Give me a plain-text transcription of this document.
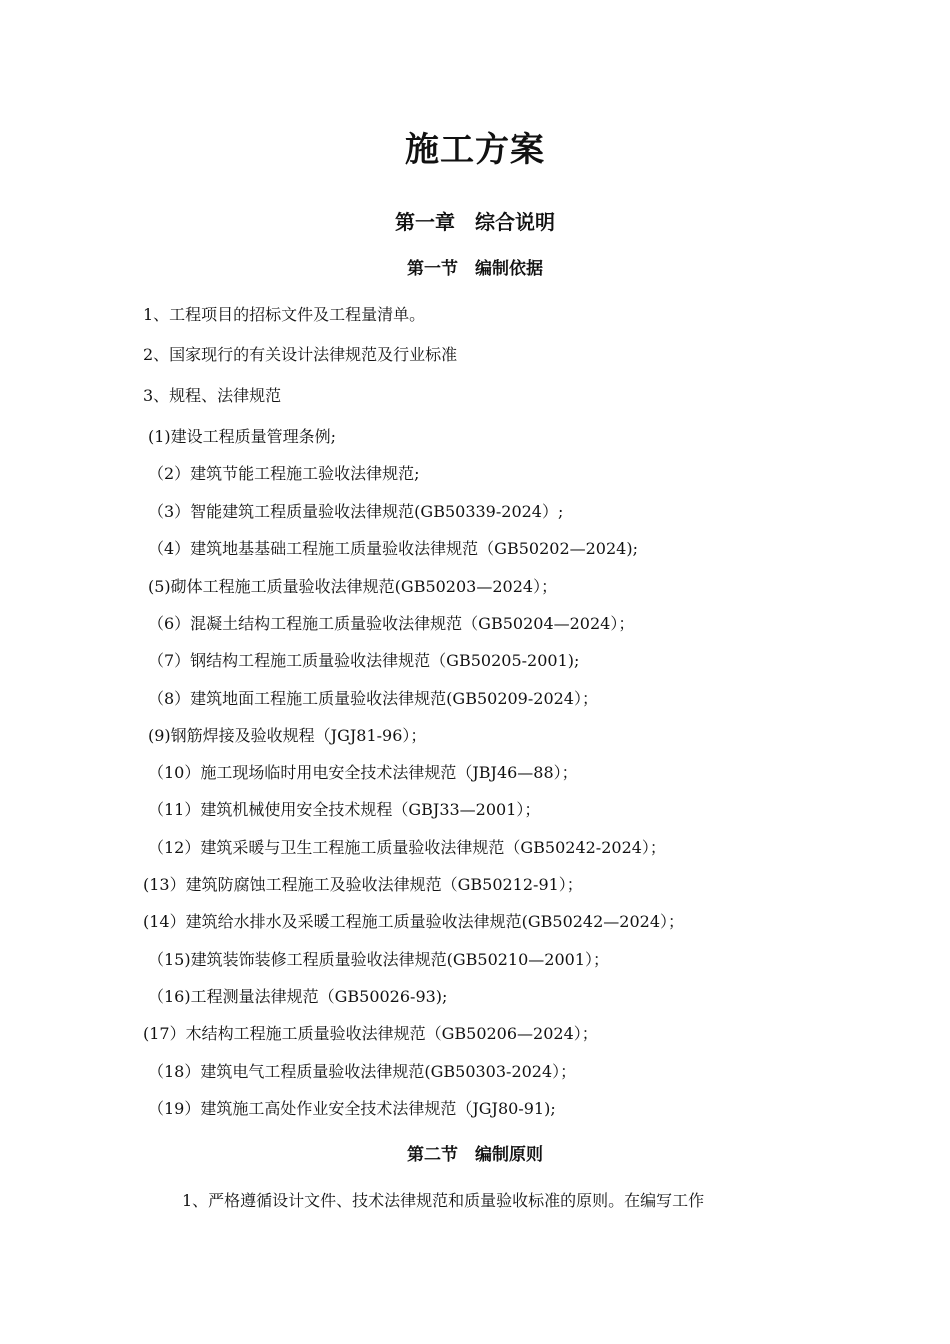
施工方案
第一章　综合说明
第一节　编制依据
1、工程项目的招标文件及工程量清单。
2、国家现行的有关设计法律规范及行业标准
3、规程、法律规范
(1)建设工程质量管理条例;
（2）建筑节能工程施工验收法律规范;
（3）智能建筑工程质量验收法律规范(GB50339-2024）;
（4）建筑地基基础工程施工质量验收法律规范（GB50202—2024);
(5)砌体工程施工质量验收法律规范(GB50203—2024）；
（6）混凝土结构工程施工质量验收法律规范（GB50204—2024）；
（7）钢结构工程施工质量验收法律规范（GB50205-2001);
（8）建筑地面工程施工质量验收法律规范(GB50209-2024）；
(9)钢筋焊接及验收规程（JGJ81-96）；
（10）施工现场临时用电安全技术法律规范（JBJ46—88）；
（11）建筑机械使用安全技术规程（GBJ33—2001）；
（12）建筑采暖与卫生工程施工质量验收法律规范（GB50242-2024）；
(13）建筑防腐蚀工程施工及验收法律规范（GB50212-91）；
(14）建筑给水排水及采暖工程施工质量验收法律规范(GB50242—2024）；
（15)建筑装饰装修工程质量验收法律规范(GB50210—2001）；
（16)工程测量法律规范（GB50026-93);
(17）木结构工程施工质量验收法律规范（GB50206—2024）；
（18）建筑电气工程质量验收法律规范(GB50303-2024）；
（19）建筑施工高处作业安全技术法律规范（JGJ80-91);
第二节　编制原则
1、严格遵循设计文件、技术法律规范和质量验收标准的原则。在编写工作
